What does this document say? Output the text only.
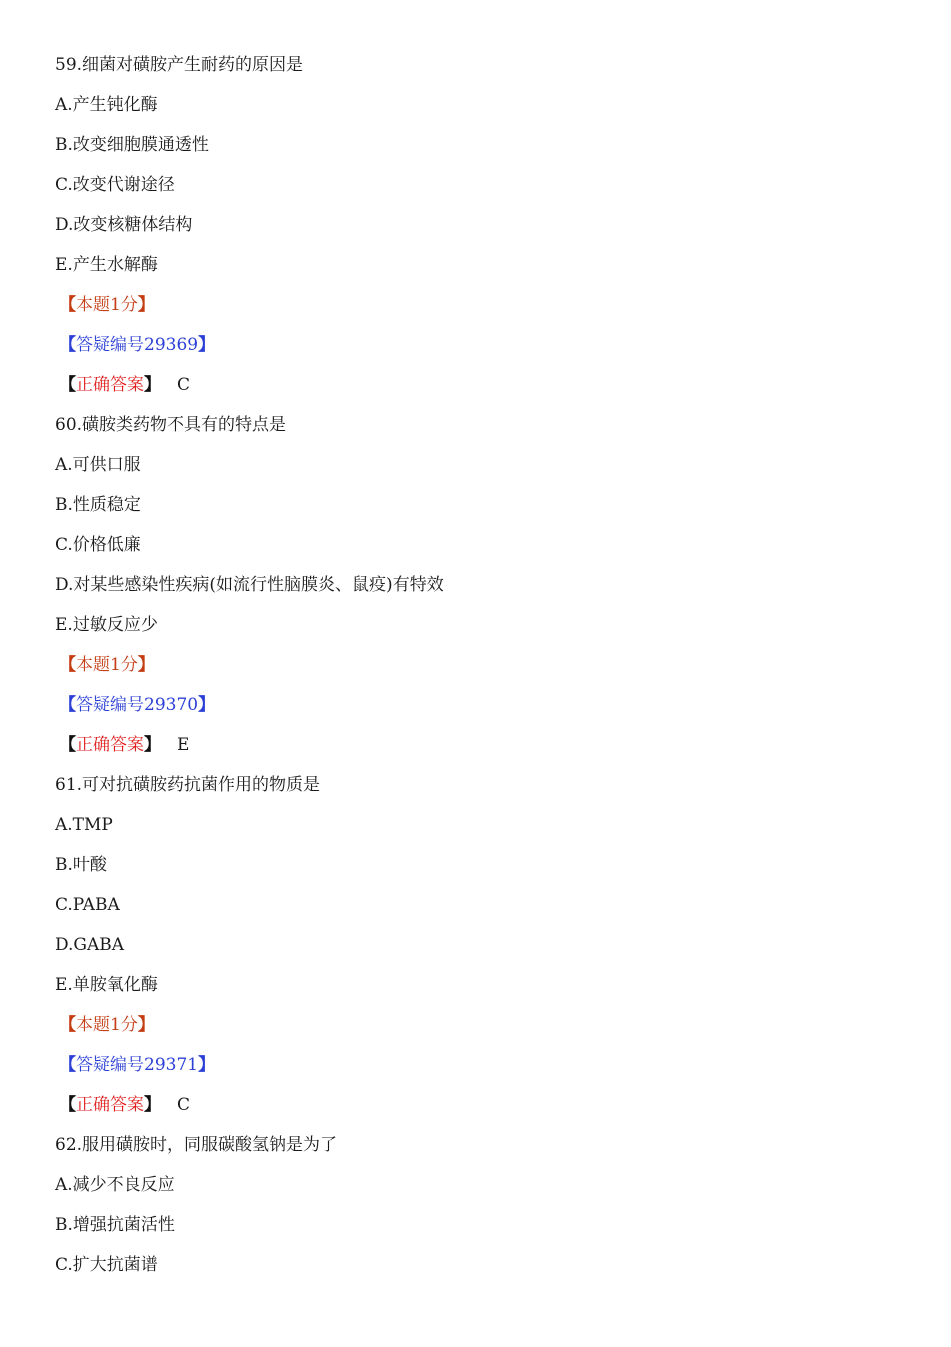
59.细菌对磺胺产生耐药的原因是
A.产生钝化酶
B.改变细胞膜通透性
C.改变代谢途径
D.改变核糖体结构
E.产生水解酶
【本题1分】
【答疑编号29369】
【正确答案】 C
60.磺胺类药物不具有的特点是
A.可供口服
B.性质稳定
C.价格低廉
D.对某些感染性疾病(如流行性脑膜炎、鼠疫)有特效
E.过敏反应少
【本题1分】
【答疑编号29370】
【正确答案】 E
61.可对抗磺胺药抗菌作用的物质是
A.TMP
B.叶酸
C.PABA
D.GABA
E.单胺氧化酶
【本题1分】
【答疑编号29371】
【正确答案】 C
62.服用磺胺时，同服碳酸氢钠是为了
A.减少不良反应
B.增强抗菌活性
C.扩大抗菌谱
